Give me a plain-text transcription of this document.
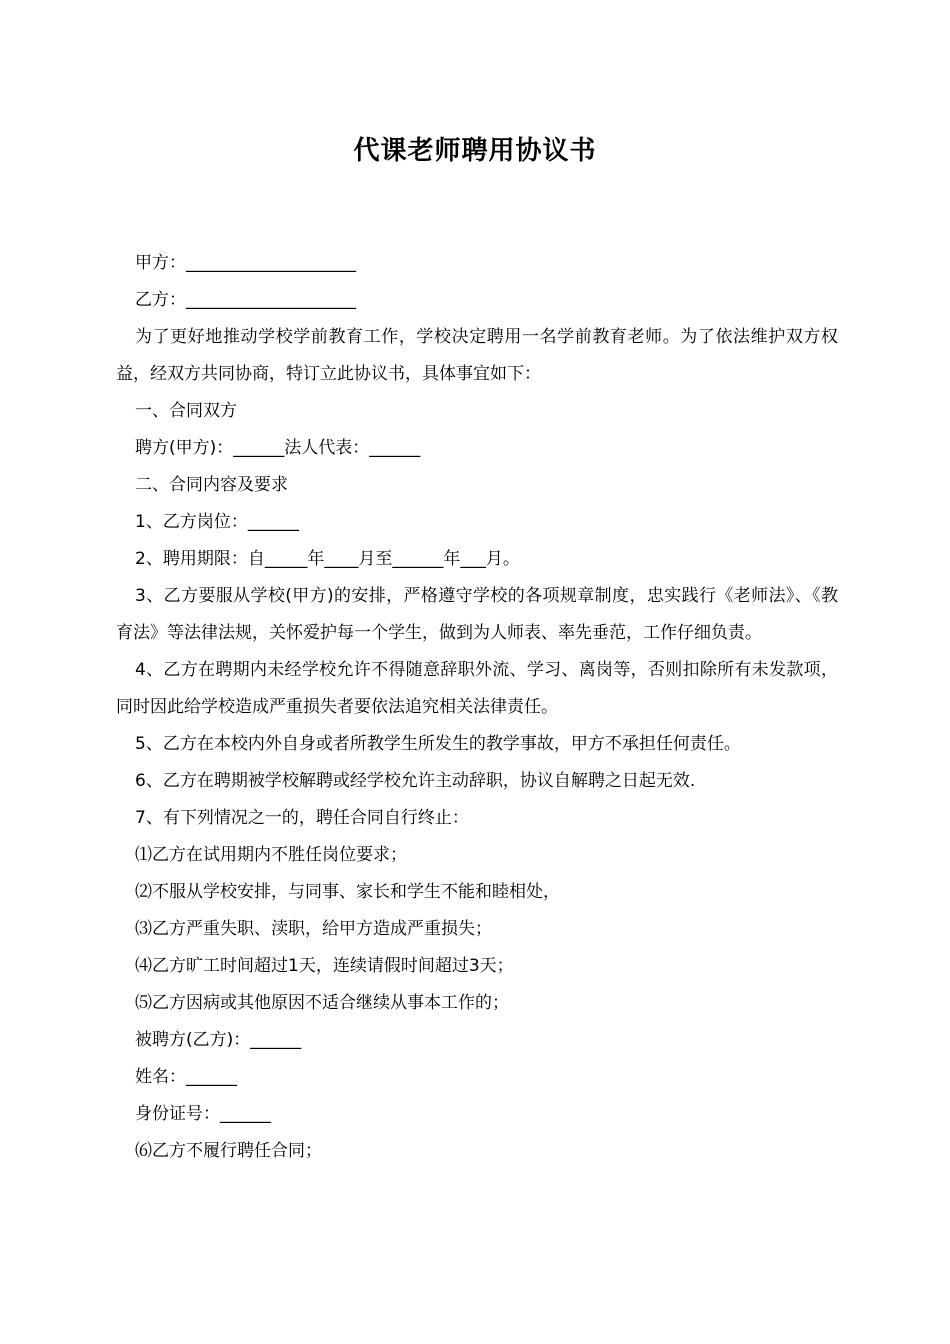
代课老师聘用协议书

甲方：____________________

乙方：____________________

为了更好地推动学校学前教育工作，学校决定聘用一名学前教育老师。为了依法维护双方权益，经双方共同协商，特订立此协议书，具体事宜如下：

一、合同双方

聘方(甲方)：______法人代表：______

二、合同内容及要求

1、乙方岗位：______

2、聘用期限：自_____年____月至______年___月。

3、乙方要服从学校(甲方)的安排，严格遵守学校的各项规章制度，忠实践行《老师法》、《教育法》等法律法规，关怀爱护每一个学生，做到为人师表、率先垂范，工作仔细负责。

4、乙方在聘期内未经学校允许不得随意辞职外流、学习、离岗等，否则扣除所有未发款项，同时因此给学校造成严重损失者要依法追究相关法律责任。

5、乙方在本校内外自身或者所教学生所发生的教学事故，甲方不承担任何责任。

6、乙方在聘期被学校解聘或经学校允许主动辞职，协议自解聘之日起无效.

7、有下列情况之一的，聘任合同自行终止：

⑴乙方在试用期内不胜任岗位要求；

⑵不服从学校安排，与同事、家长和学生不能和睦相处，

⑶乙方严重失职、渎职，给甲方造成严重损失；

⑷乙方旷工时间超过1天，连续请假时间超过3天；

⑸乙方因病或其他原因不适合继续从事本工作的；

被聘方(乙方)：______

姓名：______

身份证号：______

⑹乙方不履行聘任合同；
